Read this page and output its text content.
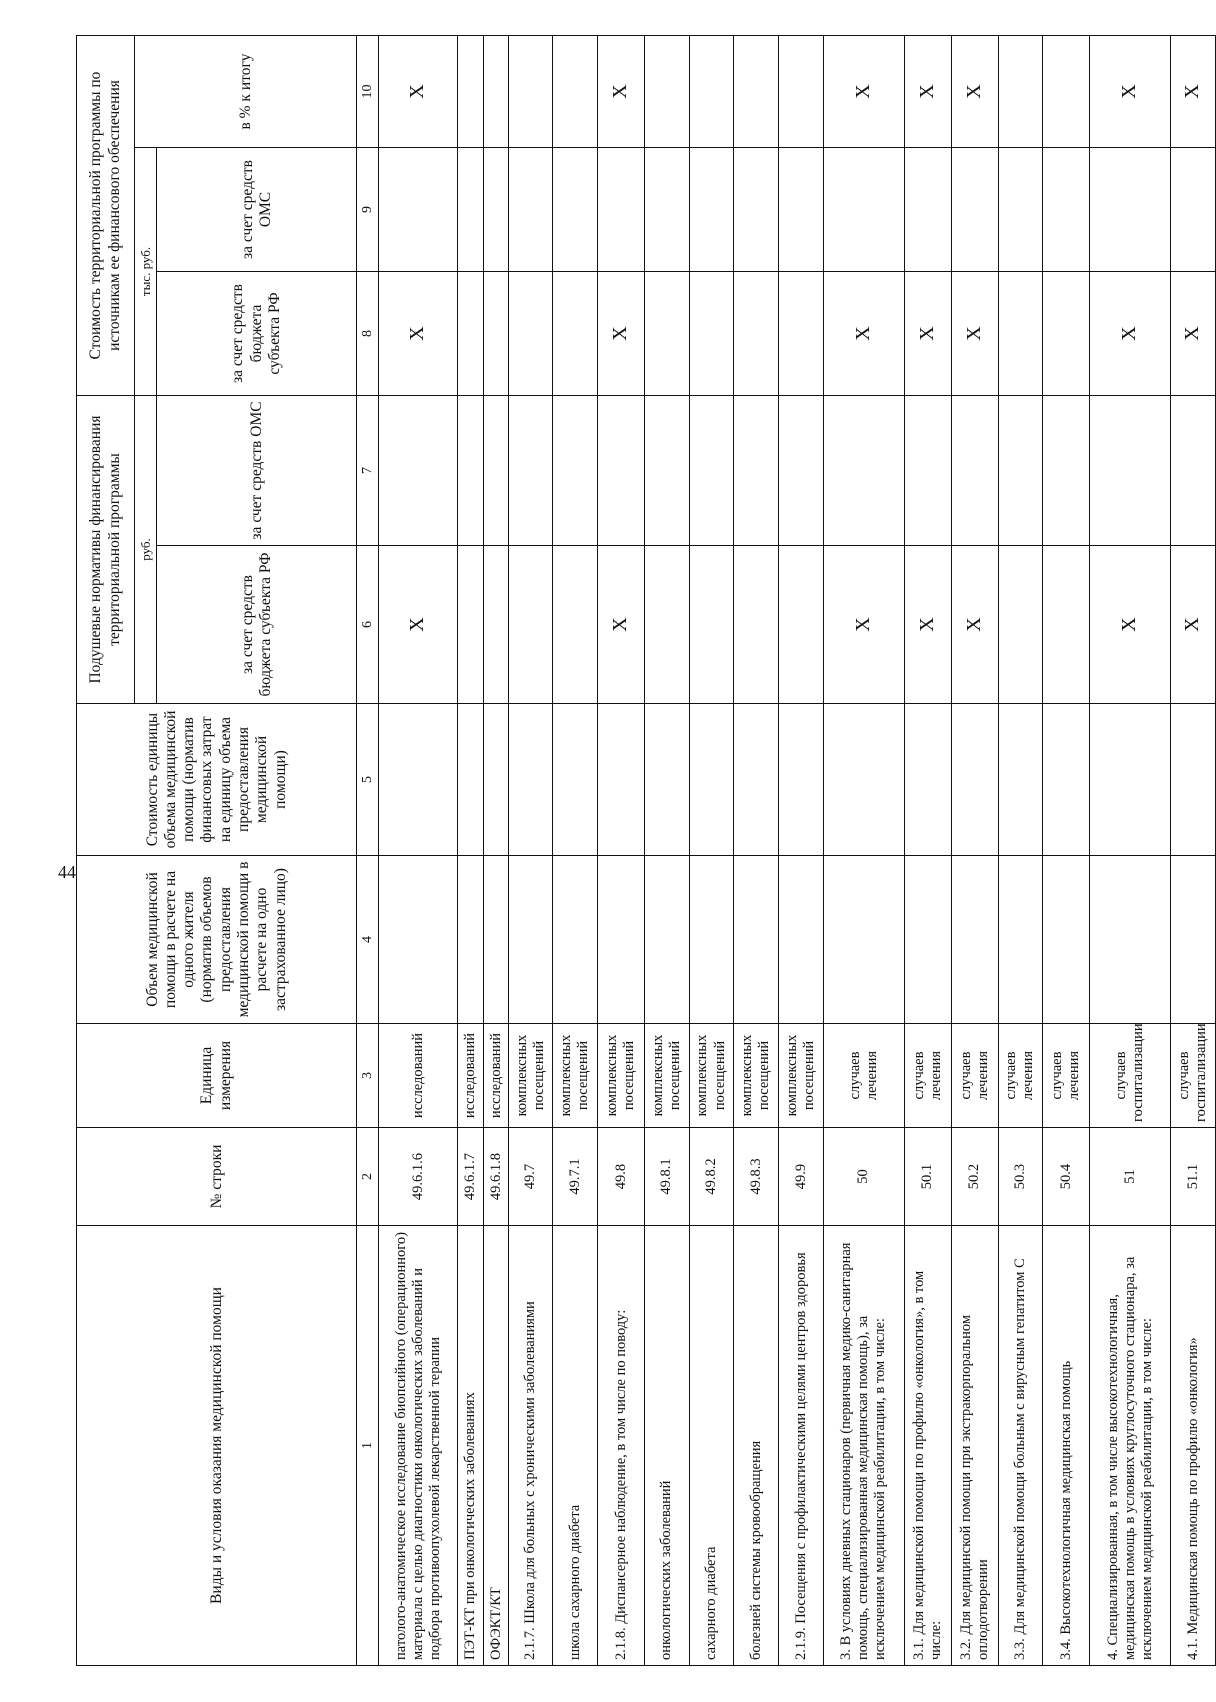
44
Виды и условия оказания медицинской помощи	№ строки	Единица измерения	Объем медицинской помощи в расчете на одного жителя (норматив объемов предоставления медицинской помощи в расчете на одно застрахованное лицо)	Стоимость единицы объема медицинской помощи (норматив финансовых затрат на единицу объема предоставления медицинской помощи)	Подушевые нормативы финансирования территориальной программы		Стоимость территориальной программы по источникам ее финансового обеспечения		
					руб.		тыс. руб.		в % к итогу
					за счет средств бюджета субъекта РФ	за счет средств ОМС	за счет средств бюджета субъекта РФ	за счет средств ОМС	
1	2	3	4	5	6	7	8	9	10
патолого-анатомическое исследование биопсийного (операционного) материала с целью диагностики онкологических заболеваний и подбора противоопухолевой лекарственной терапии	49.6.1.6	исследований			X		X		X
ПЭТ-КТ при онкологических заболеваниях	49.6.1.7	исследований							
ОФЭКТ/КТ	49.6.1.8	исследований							
2.1.7. Школа для больных с хроническими заболеваниями	49.7	комплексных посещений							
школа сахарного диабета	49.7.1	комплексных посещений							
2.1.8. Диспансерное наблюдение, в том числе по поводу:	49.8	комплексных посещений			X		X		X
онкологических заболеваний	49.8.1	комплексных посещений							
сахарного диабета	49.8.2	комплексных посещений							
болезней системы кровообращения	49.8.3	комплексных посещений							
2.1.9. Посещения с профилактическими целями центров здоровья	49.9	комплексных посещений							
3. В условиях дневных стационаров (первичная медико-санитарная помощь, специализированная медицинская помощь), за исключением медицинской реабилитации, в том числе:	50	случаев лечения			X		X		X
3.1. Для медицинской помощи по профилю «онкология», в том числе:	50.1	случаев лечения			X		X		X
3.2. Для медицинской помощи при экстракорпоральном оплодотворении	50.2	случаев лечения			X		X		X
3.3. Для медицинской помощи больным с вирусным гепатитом С	50.3	случаев лечения							
3.4. Высокотехнологичная медицинская помощь	50.4	случаев лечения							
4. Специализированная, в том числе высокотехнологичная, медицинская помощь в условиях круглосуточного стационара, за исключением медицинской реабилитации, в том числе:	51	случаев госпитализации			X		X		X
4.1. Медицинская помощь по профилю «онкология»	51.1	случаев госпитализации			X		X		X
